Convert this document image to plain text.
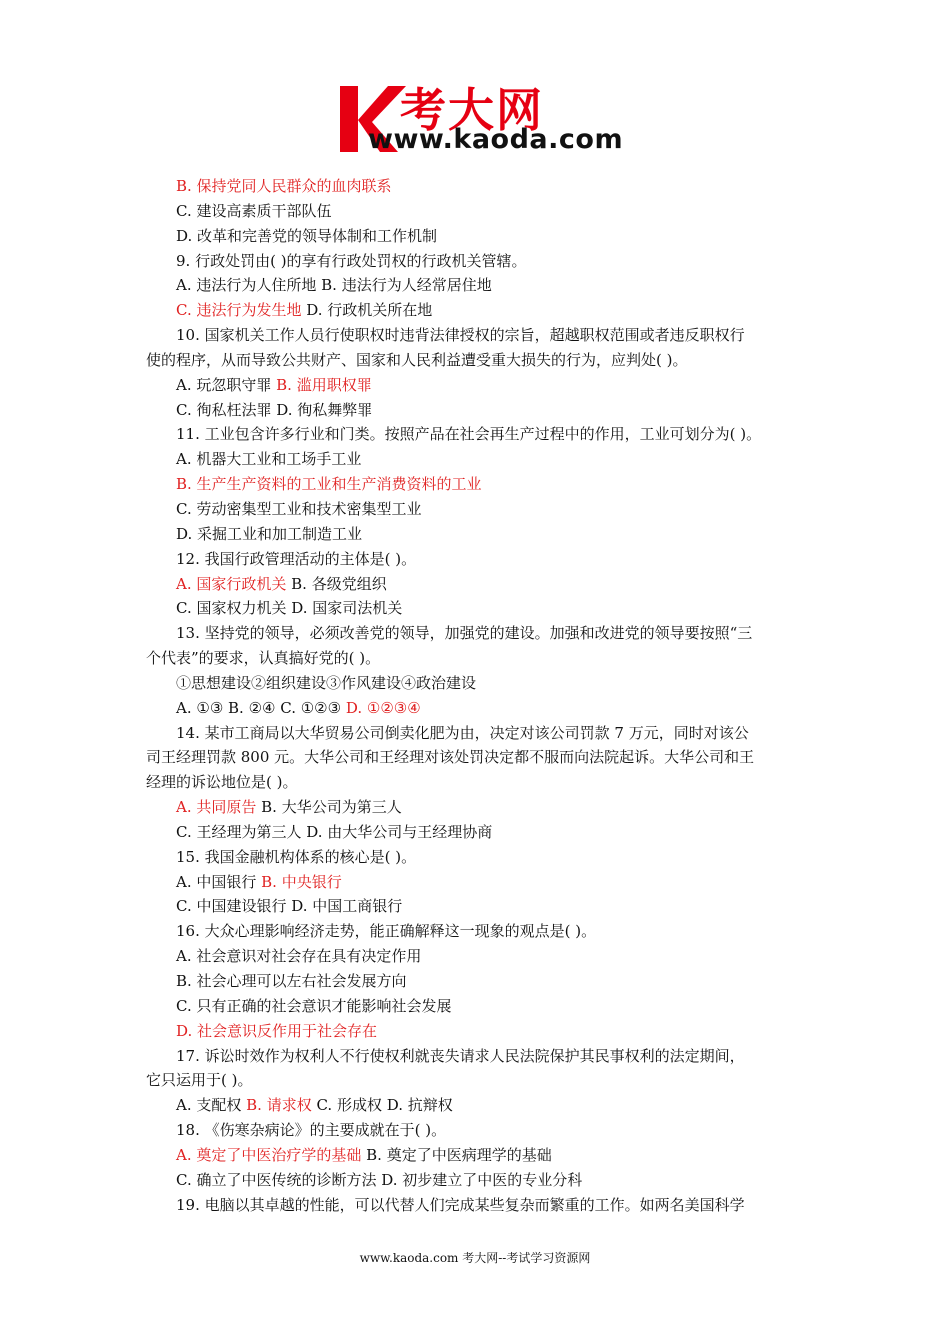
考大网
www.kaoda.com
B. 保持党同人民群众的血肉联系
C. 建设高素质干部队伍
D. 改革和完善党的领导体制和工作机制
9. 行政处罚由( )的享有行政处罚权的行政机关管辖。
A. 违法行为人住所地 B. 违法行为人经常居住地
C. 违法行为发生地 D. 行政机关所在地
10. 国家机关工作人员行使职权时违背法律授权的宗旨，超越职权范围或者违反职权行
使的程序，从而导致公共财产、国家和人民利益遭受重大损失的行为，应判处( )。
A. 玩忽职守罪 B. 滥用职权罪
C. 徇私枉法罪 D. 徇私舞弊罪
11. 工业包含许多行业和门类。按照产品在社会再生产过程中的作用，工业可划分为( )。
A. 机器大工业和工场手工业
B. 生产生产资料的工业和生产消费资料的工业
C. 劳动密集型工业和技术密集型工业
D. 采掘工业和加工制造工业
12. 我国行政管理活动的主体是( )。
A. 国家行政机关 B. 各级党组织
C. 国家权力机关 D. 国家司法机关
13. 坚持党的领导，必须改善党的领导，加强党的建设。加强和改进党的领导要按照“三
个代表”的要求，认真搞好党的( )。
①思想建设②组织建设③作风建设④政治建设
A. ①③ B. ②④ C. ①②③ D. ①②③④
14. 某市工商局以大华贸易公司倒卖化肥为由，决定对该公司罚款 7 万元，同时对该公
司王经理罚款 800 元。大华公司和王经理对该处罚决定都不服而向法院起诉。大华公司和王
经理的诉讼地位是( )。
A. 共同原告 B. 大华公司为第三人
C. 王经理为第三人 D. 由大华公司与王经理协商
15. 我国金融机构体系的核心是( )。
A. 中国银行 B. 中央银行
C. 中国建设银行 D. 中国工商银行
16. 大众心理影响经济走势，能正确解释这一现象的观点是( )。
A. 社会意识对社会存在具有决定作用
B. 社会心理可以左右社会发展方向
C. 只有正确的社会意识才能影响社会发展
D. 社会意识反作用于社会存在
17. 诉讼时效作为权利人不行使权利就丧失请求人民法院保护其民事权利的法定期间，
它只运用于( )。
A. 支配权 B. 请求权 C. 形成权 D. 抗辩权
18. 《伤寒杂病论》的主要成就在于( )。
A. 奠定了中医治疗学的基础 B. 奠定了中医病理学的基础
C. 确立了中医传统的诊断方法 D. 初步建立了中医的专业分科
19. 电脑以其卓越的性能，可以代替人们完成某些复杂而繁重的工作。如两名美国科学
www.kaoda.com 考大网--考试学习资源网
